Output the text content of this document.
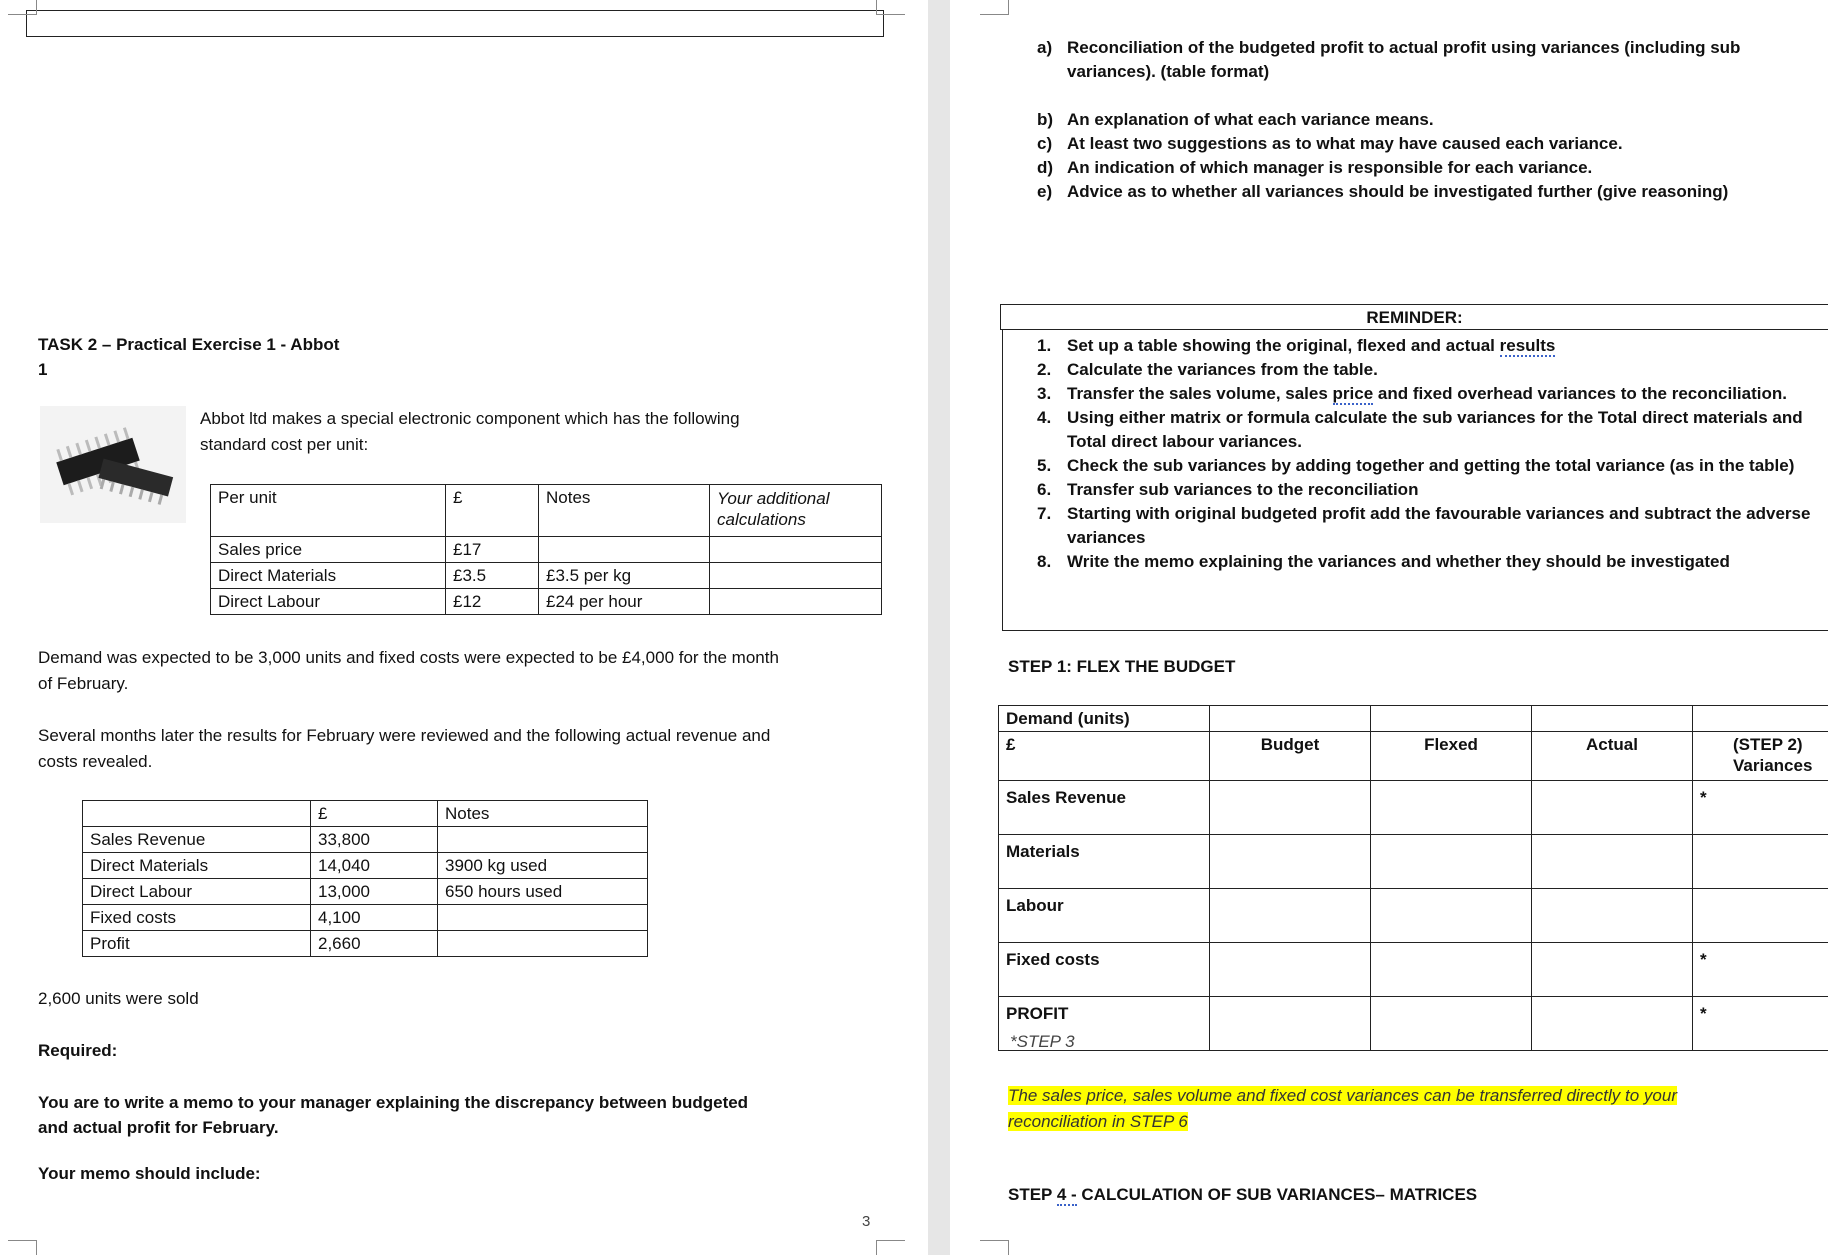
TASK 2 – Practical Exercise 1 - Abbot
1
Abbot ltd makes a special electronic component which has the following
standard cost per unit:
Per unit	£	Notes	Your additional calculations
Sales price	£17		
Direct Materials	£3.5	£3.5 per kg	
Direct Labour	£12	£24 per hour	
Demand was expected to be 3,000 units and fixed costs were expected to be £4,000 for the month
of February.
Several months later the results for February were reviewed and the following actual revenue and
costs revealed.
	£	Notes
Sales Revenue	33,800	
Direct Materials	14,040	3900 kg used
Direct Labour	13,000	650 hours used
Fixed costs	4,100	
Profit	2,660	
2,600 units were sold
Required:
You are to write a memo to your manager explaining the discrepancy between budgeted
and actual profit for February.
Your memo should include:
3
a) Reconciliation of the budgeted profit to actual profit using variances (including sub variances). (table format)
b) An explanation of what each variance means.
c) At least two suggestions as to what may have caused each variance.
d) An indication of which manager is responsible for each variance.
e) Advice as to whether all variances should be investigated further (give reasoning)
REMINDER:
1. Set up a table showing the original, flexed and actual results
2. Calculate the variances from the table.
3. Transfer the sales volume, sales price and fixed overhead variances to the reconciliation.
4. Using either matrix or formula calculate the sub variances for the Total direct materials and Total direct labour variances.
5. Check the sub variances by adding together and getting the total variance (as in the table)
6. Transfer sub variances to the reconciliation
7. Starting with original budgeted profit add the favourable variances and subtract the adverse variances
8. Write the memo explaining the variances and whether they should be investigated
STEP 1: FLEX THE BUDGET
Demand (units)				
£	Budget	Flexed	Actual	(STEP 2)
Variances

Sales Revenue				*
Materials				
Labour				
Fixed costs				*
PROFIT				*
*STEP 3
The sales price, sales volume and fixed cost variances can be transferred directly to your
reconciliation in STEP 6
STEP 4 - CALCULATION OF SUB VARIANCES– MATRICES
